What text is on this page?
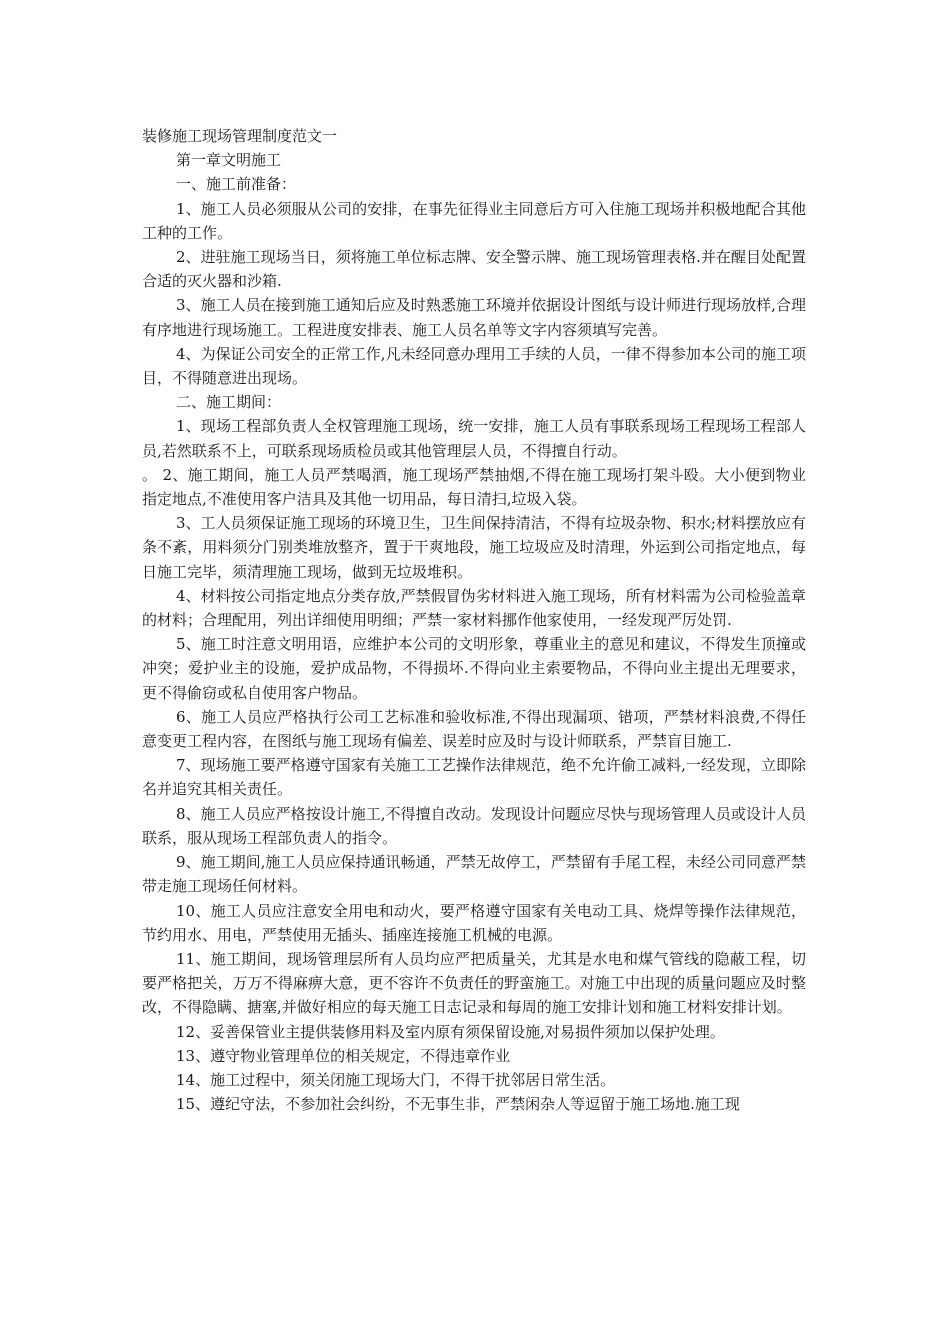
装修施工现场管理制度范文一

第一章文明施工

一、施工前准备：

1、施工人员必须服从公司的安排，在事先征得业主同意后方可入住施工现场并积极地配合其他工种的工作。

2、进驻施工现场当日，须将施工单位标志牌、安全警示牌、施工现场管理表格.并在醒目处配置合适的灭火器和沙箱.

3、施工人员在接到施工通知后应及时熟悉施工环境并依据设计图纸与设计师进行现场放样,合理有序地进行现场施工。工程进度安排表、施工人员名单等文字内容须填写完善。

4、为保证公司安全的正常工作,凡未经同意办理用工手续的人员，一律不得参加本公司的施工项目，不得随意进出现场。

二、施工期间：

1、现场工程部负责人全权管理施工现场，统一安排，施工人员有事联系现场工程现场工程部人员,若然联系不上，可联系现场质检员或其他管理层人员，不得擅自行动。

。 2、施工期间，施工人员严禁喝酒，施工现场严禁抽烟,不得在施工现场打架斗殴。大小便到物业指定地点,不准使用客户洁具及其他一切用品，每日清扫,垃圾入袋。

3、工人员须保证施工现场的环境卫生，卫生间保持清洁，不得有垃圾杂物、积水;材料摆放应有条不紊，用料须分门别类堆放整齐，置于干爽地段，施工垃圾应及时清理，外运到公司指定地点，每日施工完毕，须清理施工现场，做到无垃圾堆积。

4、材料按公司指定地点分类存放,严禁假冒伪劣材料进入施工现场，所有材料需为公司检验盖章的材料；合理配用，列出详细使用明细；严禁一家材料挪作他家使用，一经发现严厉处罚.

5、施工时注意文明用语，应维护本公司的文明形象，尊重业主的意见和建议，不得发生顶撞或冲突；爱护业主的设施，爱护成品物，不得损坏.不得向业主索要物品，不得向业主提出无理要求，更不得偷窃或私自使用客户物品。

6、施工人员应严格执行公司工艺标准和验收标准,不得出现漏项、错项，严禁材料浪费,不得任意变更工程内容，在图纸与施工现场有偏差、误差时应及时与设计师联系，严禁盲目施工.

7、现场施工要严格遵守国家有关施工工艺操作法律规范，绝不允许偷工减料,一经发现，立即除名并追究其相关责任。

8、施工人员应严格按设计施工,不得擅自改动。发现设计问题应尽快与现场管理人员或设计人员联系，服从现场工程部负责人的指令。

9、施工期间,施工人员应保持通讯畅通，严禁无故停工，严禁留有手尾工程，未经公司同意严禁带走施工现场任何材料。

10、施工人员应注意安全用电和动火，要严格遵守国家有关电动工具、烧焊等操作法律规范，节约用水、用电，严禁使用无插头、插座连接施工机械的电源。

11、施工期间，现场管理层所有人员均应严把质量关，尤其是水电和煤气管线的隐蔽工程，切要严格把关，万万不得麻痹大意，更不容许不负责任的野蛮施工。对施工中出现的质量问题应及时整改，不得隐瞒、搪塞,并做好相应的每天施工日志记录和每周的施工安排计划和施工材料安排计划。

12、妥善保管业主提供装修用料及室内原有须保留设施,对易损件须加以保护处理。

13、遵守物业管理单位的相关规定，不得违章作业

14、施工过程中，须关闭施工现场大门，不得干扰邻居日常生活。

15、遵纪守法，不参加社会纠纷，不无事生非，严禁闲杂人等逗留于施工场地.施工现
